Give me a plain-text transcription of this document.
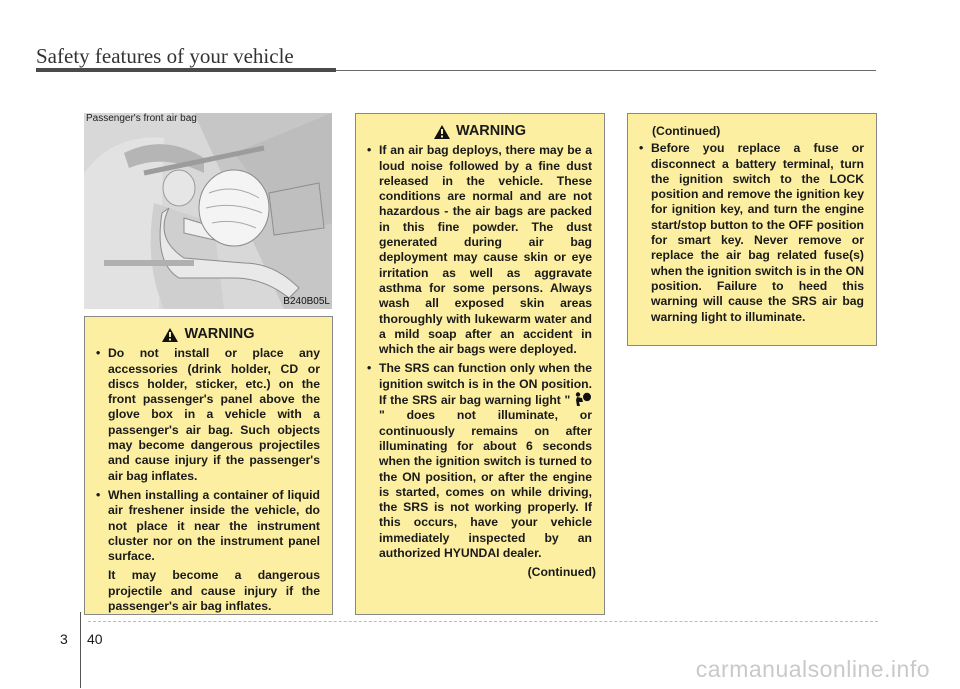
Safety features of your vehicle
B240B05L
Passenger's front air bag
WARNING
• Do not install or place any accessories (drink holder, CD or discs holder, sticker, etc.) on the front passenger's panel above the glove box in a vehicle with a passenger's air bag. Such objects may become dangerous projectiles and cause injury if the passenger's air bag inflates.
• When installing a container of liquid air freshener inside the vehicle, do not place it near the instrument cluster nor on the instrument panel surface.
It may become a dangerous projectile and cause injury if the passenger's air bag inflates.
WARNING
• If an air bag deploys, there may be a loud noise followed by a fine dust released in the vehicle. These conditions are normal and are not hazardous - the air bags are packed in this fine powder. The dust generated during air bag deployment may cause skin or eye irritation as well as aggravate asthma for some persons. Always wash all exposed skin areas thoroughly with lukewarm water and a mild soap after an accident in which the air bags were deployed.
• The SRS can function only when the ignition switch is in the ON position. If the SRS air bag warning light "  " does not illuminate, or continuously remains on after illuminating for about 6 seconds when the ignition switch is turned to the ON position, or after the engine is started, comes on while driving, the SRS is not working properly. If this occurs, have your vehicle immediately inspected by an authorized HYUNDAI dealer.
(Continued)
(Continued)
• Before you replace a fuse or disconnect a battery terminal, turn the ignition switch to the LOCK position and remove the ignition key for ignition key, and turn the engine start/stop button to the OFF position for smart key. Never remove or replace the air bag related fuse(s) when the ignition switch is in the ON position. Failure to heed this warning will cause the SRS air bag warning light to illuminate.
3 40
carmanualsonline.info
